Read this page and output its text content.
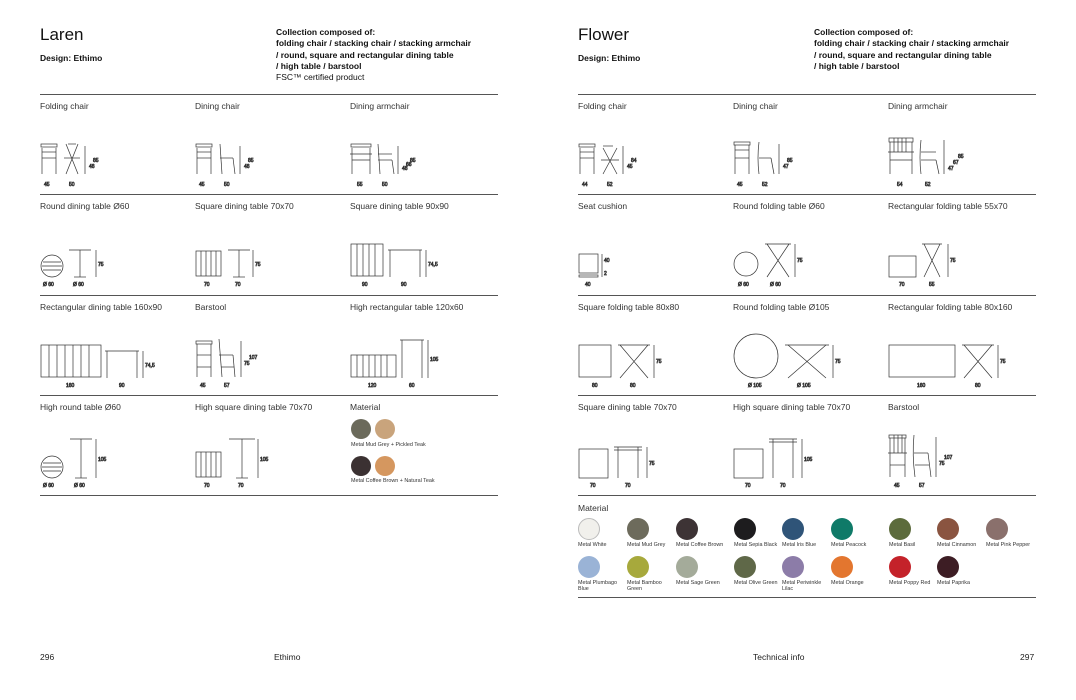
Laren
Design: Ethimo
Collection composed of:
folding chair / stacking chair / stacking armchair
/ round, square and rectangular dining table
/ high table / barstool
FSC™ certified product
Folding chair
45	50
48
85
Dining chair
45	50
48
85
Dining armchair
55	50
48
66
85
Round dining table Ø60
Ø 60	Ø 60
75
Square dining table 70x70
70	70
75
Square dining table 90x90
90	90
74,5
Rectangular dining table 160x90
160	90
74,5
Barstool
45	57
75
107
High rectangular table 120x60
120	60
105
High round table Ø60
Ø 60	Ø 60
105
High square dining table 70x70
70	70
105
Material
Metal Mud Grey + Pickled Teak
Metal Coffee Brown + Natural Teak
296	Ethimo
Flower
Design: Ethimo
Collection composed of:
folding chair / stacking chair / stacking armchair
/ round, square and rectangular dining table
/ high table / barstool
Folding chair
44	52
45
84
Dining chair
45	52
47
85
Dining armchair
54	52
47
67
85
Seat cushion
40
40
2
Round folding table Ø60
Ø 60	Ø 60
75
Rectangular folding table 55x70
70	55
75
Square folding table 80x80
80	80
75
Round folding table Ø105
Ø 105	Ø 105
75
Rectangular folding table 80x160
160	80
75
Square dining table 70x70
70	70
75
High square dining table 70x70
70	70
105
Barstool
45	57
75
107
Material
Metal White	Metal Mud Grey	Metal Coffee Brown Metal Sepia Black Metal Iris Blue	Metal Peacock	Metal Basil	Metal Cinnamon	Metal Pink Pepper
Metal Plumbago Blue
Metal Bamboo Green
Metal Sage Green	Metal Olive Green Metal Periwinkle Lilac
Metal Orange	Metal Poppy Red	Metal Paprika
Technical info	297
